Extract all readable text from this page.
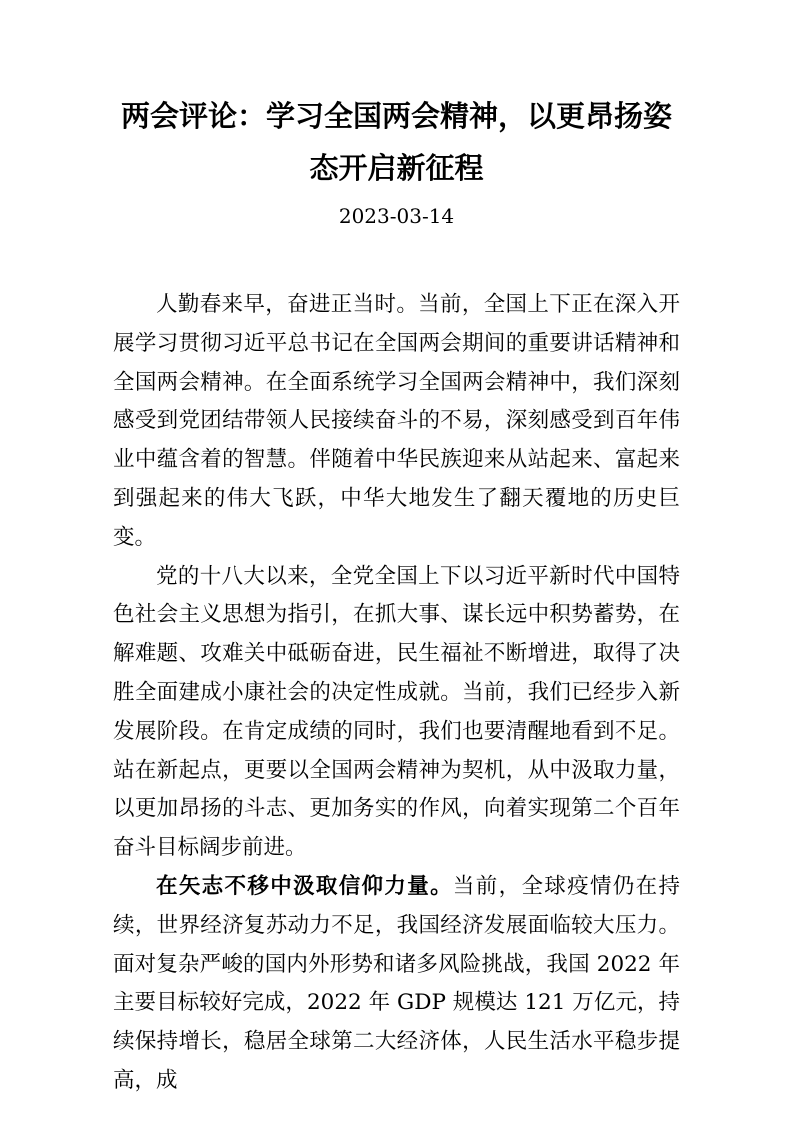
两会评论：学习全国两会精神，以更昂扬姿态开启新征程
2023-03-14

人勤春来早，奋进正当时。当前，全国上下正在深入开展学习贯彻习近平总书记在全国两会期间的重要讲话精神和全国两会精神。在全面系统学习全国两会精神中，我们深刻感受到党团结带领人民接续奋斗的不易，深刻感受到百年伟业中蕴含着的智慧。伴随着中华民族迎来从站起来、富起来到强起来的伟大飞跃，中华大地发生了翻天覆地的历史巨变。

党的十八大以来，全党全国上下以习近平新时代中国特色社会主义思想为指引，在抓大事、谋长远中积势蓄势，在解难题、攻难关中砥砺奋进，民生福祉不断增进，取得了决胜全面建成小康社会的决定性成就。当前，我们已经步入新发展阶段。在肯定成绩的同时，我们也要清醒地看到不足。站在新起点，更要以全国两会精神为契机，从中汲取力量，以更加昂扬的斗志、更加务实的作风，向着实现第二个百年奋斗目标阔步前进。

在矢志不移中汲取信仰力量。当前，全球疫情仍在持续，世界经济复苏动力不足，我国经济发展面临较大压力。面对复杂严峻的国内外形势和诸多风险挑战，我国 2022 年主要目标较好完成，2022 年 GDP 规模达 121 万亿元，持续保持增长，稳居全球第二大经济体，人民生活水平稳步提高，成
